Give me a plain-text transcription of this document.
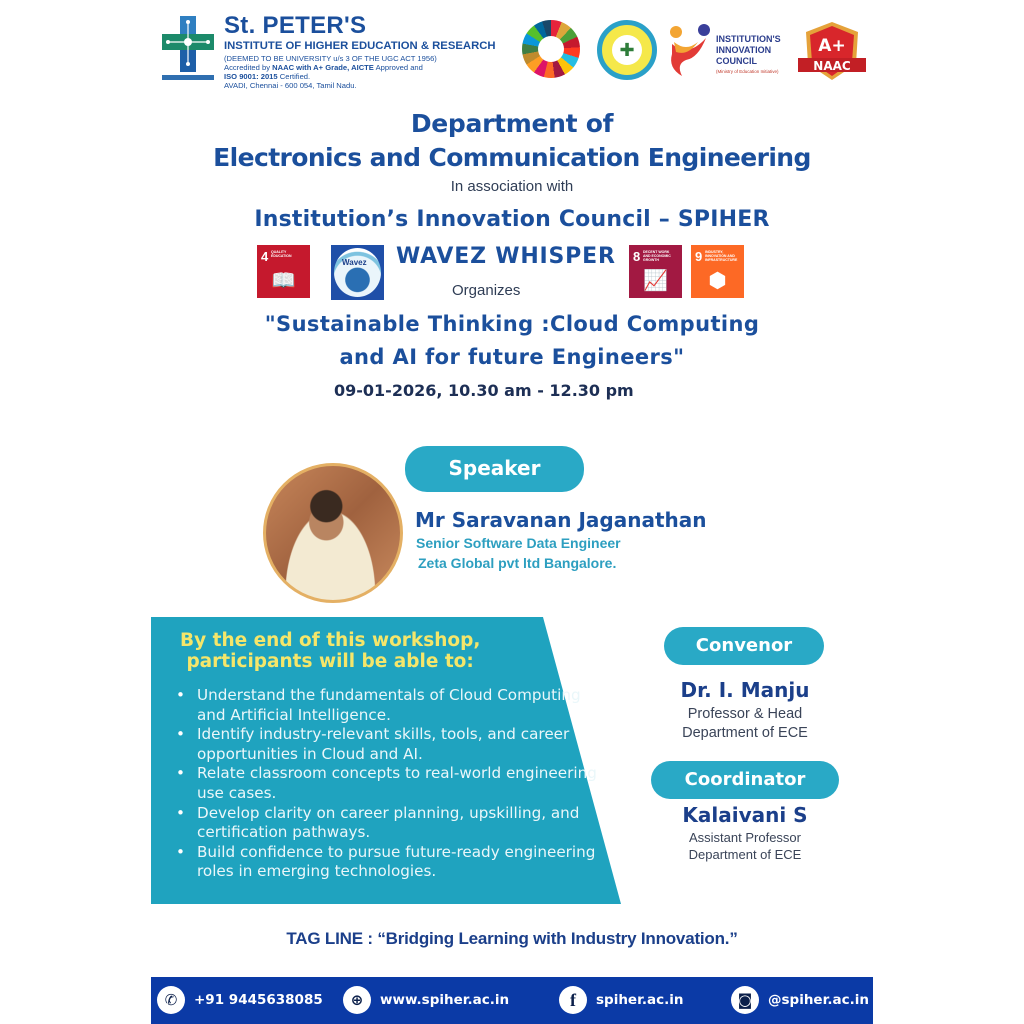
St. PETER'S
INSTITUTE OF HIGHER EDUCATION & RESEARCH
(DEEMED TO BE UNIVERSITY u/s 3 OF THE UGC ACT 1956)
Accredited by NAAC with A+ Grade, AICTE Approved and
ISO 9001: 2015 Certified.
AVADI, Chennai - 600 054, Tamil Nadu.
✚
INSTITUTION'S
INNOVATION
COUNCIL
(Ministry of Education Initiative)
A+
NAAC
Department of
Electronics and Communication Engineering
In association with
Institution’s Innovation Council – SPIHER
4 QUALITY EDUCATION
📖
Wavez WAVEZ WHISPER
Organizes
8 DECENT WORK AND ECONOMIC GROWTH
📈
9 INDUSTRY, INNOVATION AND INFRASTRUCTURE
⬢
"Sustainable Thinking :Cloud Computing
and AI for future Engineers"
09-01-2026, 10.30 am - 12.30 pm
Speaker
Mr Saravanan Jaganathan
Senior Software Data Engineer
Zeta Global pvt ltd Bangalore.
By the end of this workshop,
participants will be able to:
• Understand the fundamentals of Cloud Computing and Artificial Intelligence.
• Identify industry-relevant skills, tools, and career opportunities in Cloud and AI.
• Relate classroom concepts to real-world engineering use cases.
• Develop clarity on career planning, upskilling, and certification pathways.
• Build confidence to pursue future-ready engineering roles in emerging technologies.
Convenor
Dr. I. Manju
Professor & Head
Department of ECE
Coordinator
Kalaivani S
Assistant Professor
Department of ECE
TAG LINE : “Bridging Learning with Industry Innovation.”
✆	+91 9445638085	⊕	www.spiher.ac.in	f	spiher.ac.in	◙	@spiher.ac.in
